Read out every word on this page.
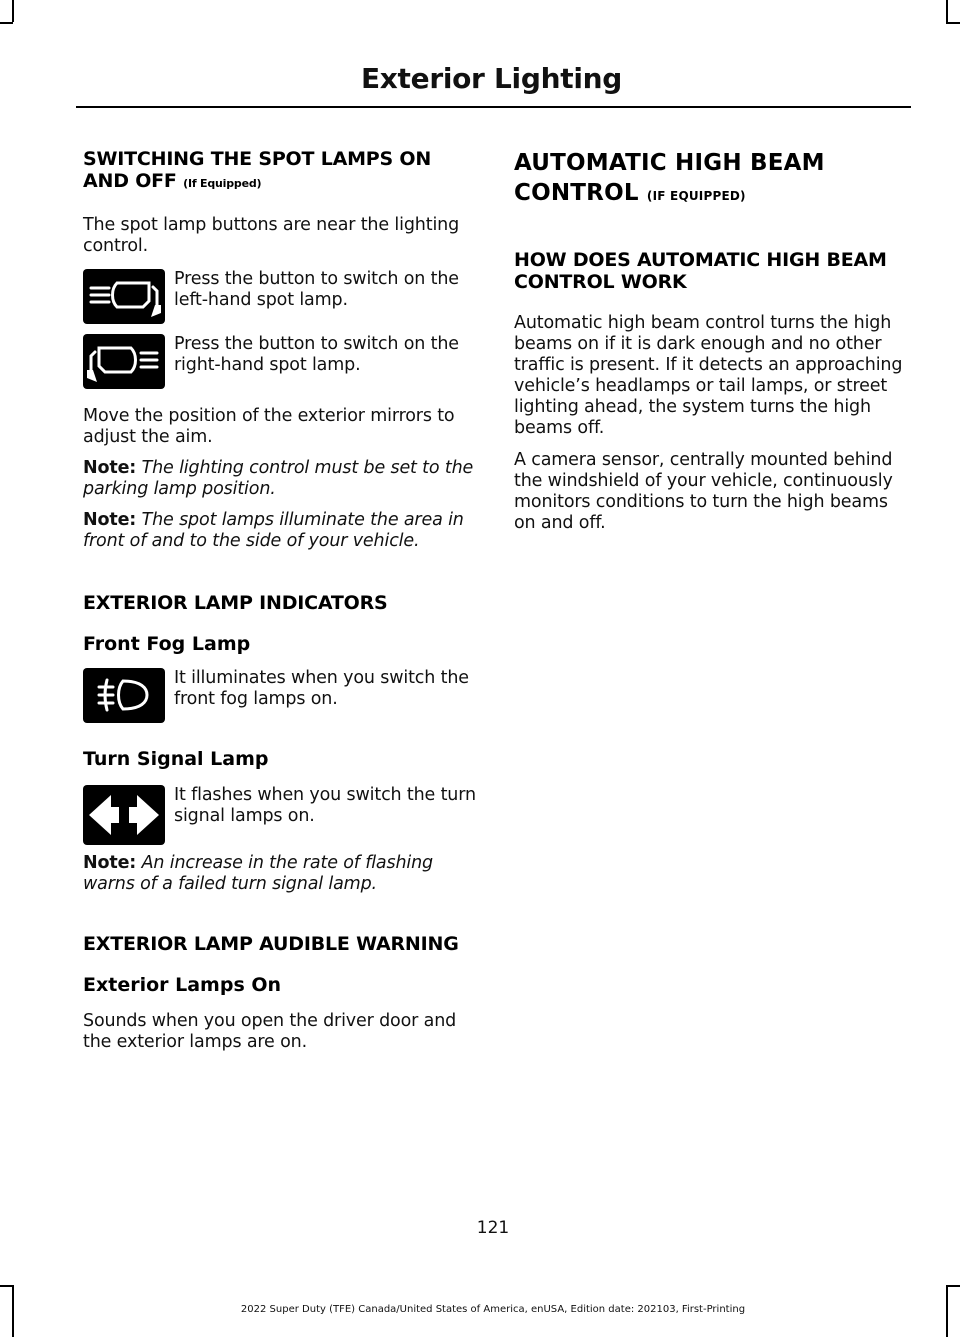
Exterior Lighting
SWITCHING THE SPOT LAMPS ON AND OFF (If Equipped)

The spot lamp buttons are near the lighting control.

Press the button to switch on the left-hand spot lamp.

Press the button to switch on the right-hand spot lamp.

Move the position of the exterior mirrors to adjust the aim.

Note: The lighting control must be set to the parking lamp position.

Note: The spot lamps illuminate the area in front of and to the side of your vehicle.

EXTERIOR LAMP INDICATORS
Front Fog Lamp

It illuminates when you switch the front fog lamps on.

Turn Signal Lamp

It flashes when you switch the turn signal lamps on.

Note: An increase in the rate of flashing warns of a failed turn signal lamp.

EXTERIOR LAMP AUDIBLE WARNING
Exterior Lamps On

Sounds when you open the driver door and the exterior lamps are on.

AUTOMATIC HIGH BEAM CONTROL (IF EQUIPPED)
HOW DOES AUTOMATIC HIGH BEAM CONTROL WORK

Automatic high beam control turns the high beams on if it is dark enough and no other traffic is present. If it detects an approaching vehicle’s headlamps or tail lamps, or street lighting ahead, the system turns the high beams off.

A camera sensor, centrally mounted behind the windshield of your vehicle, continuously monitors conditions to turn the high beams on and off.

121
2022 Super Duty (TFE) Canada/United States of America, enUSA, Edition date: 202103, First-Printing
